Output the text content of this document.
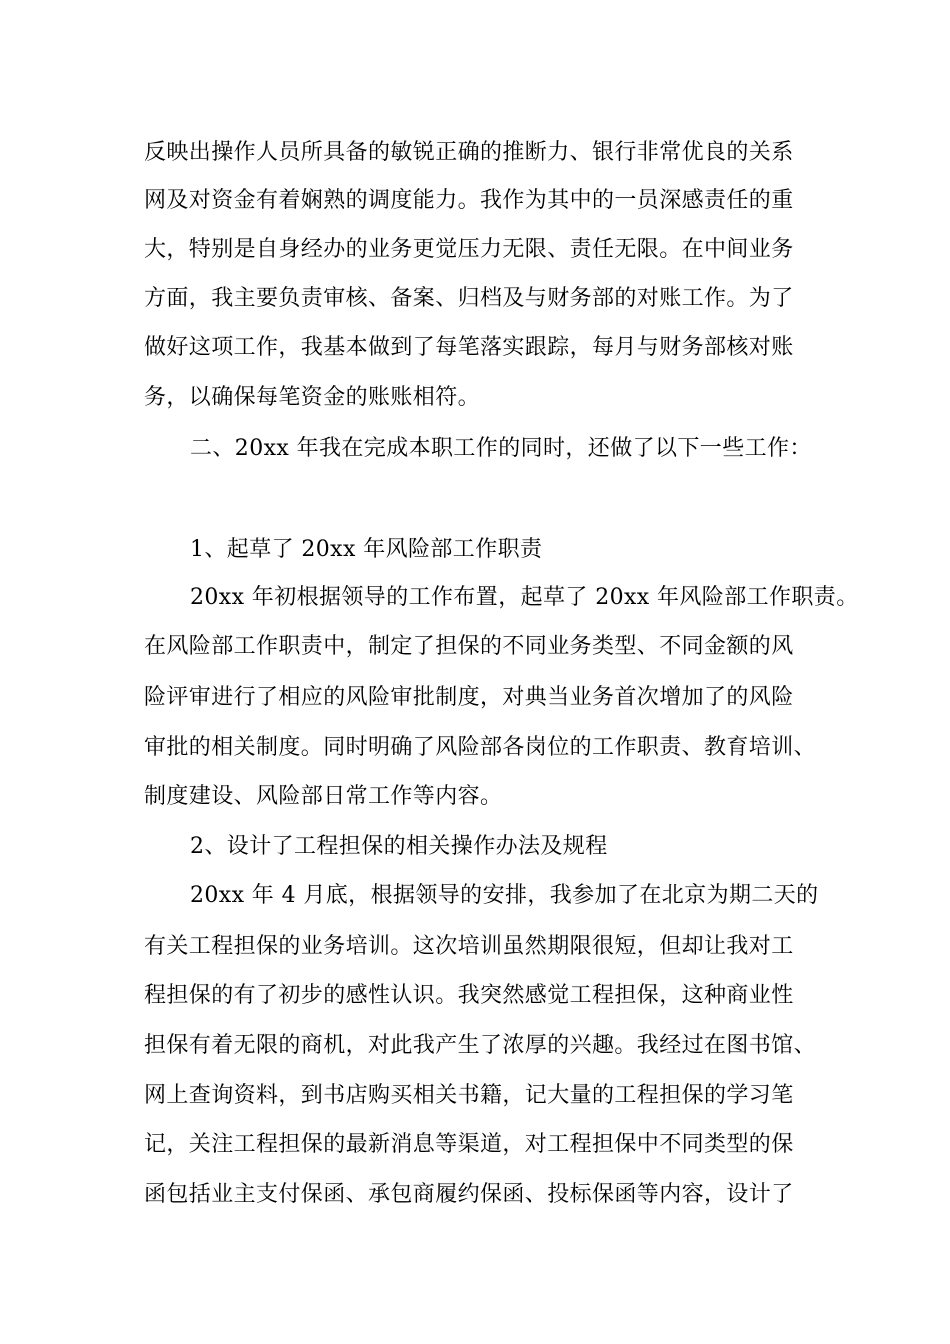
反映出操作人员所具备的敏锐正确的推断力、银行非常优良的关系
网及对资金有着娴熟的调度能力。我作为其中的一员深感责任的重
大，特别是自身经办的业务更觉压力无限、责任无限。在中间业务
方面，我主要负责审核、备案、归档及与财务部的对账工作。为了
做好这项工作，我基本做到了每笔落实跟踪，每月与财务部核对账
务，以确保每笔资金的账账相符。
二、20xx 年我在完成本职工作的同时，还做了以下一些工作：
1、起草了 20xx 年风险部工作职责
20xx 年初根据领导的工作布置，起草了 20xx 年风险部工作职责。
在风险部工作职责中，制定了担保的不同业务类型、不同金额的风
险评审进行了相应的风险审批制度，对典当业务首次增加了的风险
审批的相关制度。同时明确了风险部各岗位的工作职责、教育培训、
制度建设、风险部日常工作等内容。
2、设计了工程担保的相关操作办法及规程
20xx 年 4 月底，根据领导的安排，我参加了在北京为期二天的
有关工程担保的业务培训。这次培训虽然期限很短，但却让我对工
程担保的有了初步的感性认识。我突然感觉工程担保，这种商业性
担保有着无限的商机，对此我产生了浓厚的兴趣。我经过在图书馆、
网上查询资料，到书店购买相关书籍，记大量的工程担保的学习笔
记，关注工程担保的最新消息等渠道，对工程担保中不同类型的保
函包括业主支付保函、承包商履约保函、投标保函等内容，设计了
